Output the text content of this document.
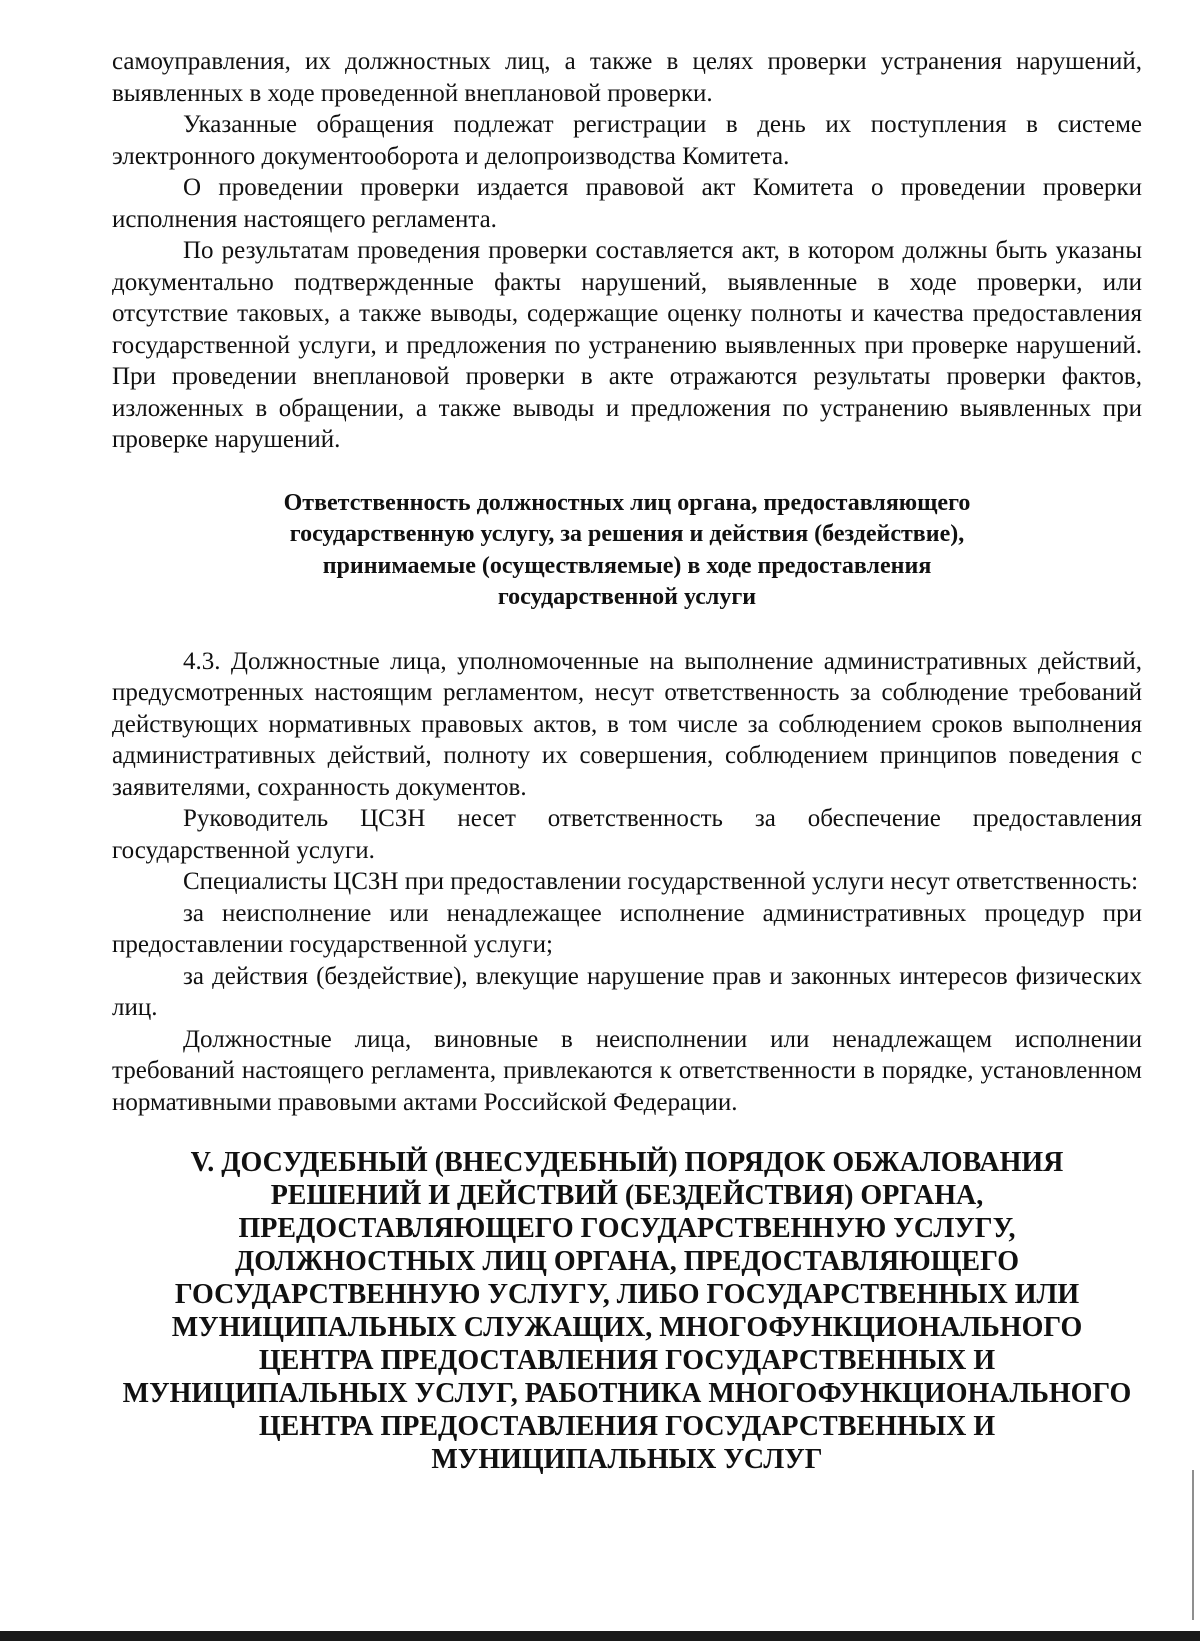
самоуправления, их должностных лиц, а также в целях проверки устранения нарушений, выявленных в ходе проведенной внеплановой проверки.

Указанные обращения подлежат регистрации в день их поступления в системе электронного документооборота и делопроизводства Комитета.

О проведении проверки издается правовой акт Комитета о проведении проверки исполнения настоящего регламента.

По результатам проведения проверки составляется акт, в котором должны быть указаны документально подтвержденные факты нарушений, выявленные в ходе проверки, или отсутствие таковых, а также выводы, содержащие оценку полноты и качества предоставления государственной услуги, и предложения по устранению выявленных при проверке нарушений. При проведении внеплановой проверки в акте отражаются результаты проверки фактов, изложенных в обращении, а также выводы и предложения по устранению выявленных при проверке нарушений.

Ответственность должностных лиц органа, предоставляющего
государственную услугу, за решения и действия (бездействие),
принимаемые (осуществляемые) в ходе предоставления
государственной услуги

4.3. Должностные лица, уполномоченные на выполнение административных действий, предусмотренных настоящим регламентом, несут ответственность за соблюдение требований действующих нормативных правовых актов, в том числе за соблюдением сроков выполнения административных действий, полноту их совершения, соблюдением принципов поведения с заявителями, сохранность документов.

Руководитель ЦСЗН несет ответственность за обеспечение предоставления государственной услуги.

Специалисты ЦСЗН при предоставлении государственной услуги несут ответственность:

за неисполнение или ненадлежащее исполнение административных процедур при предоставлении государственной услуги;

за действия (бездействие), влекущие нарушение прав и законных интересов физических лиц.

Должностные лица, виновные в неисполнении или ненадлежащем исполнении требований настоящего регламента, привлекаются к ответственности в порядке, установленном нормативными правовыми актами Российской Федерации.

V. ДОСУДЕБНЫЙ (ВНЕСУДЕБНЫЙ) ПОРЯДОК ОБЖАЛОВАНИЯ
РЕШЕНИЙ И ДЕЙСТВИЙ (БЕЗДЕЙСТВИЯ) ОРГАНА,
ПРЕДОСТАВЛЯЮЩЕГО ГОСУДАРСТВЕННУЮ УСЛУГУ,
ДОЛЖНОСТНЫХ ЛИЦ ОРГАНА, ПРЕДОСТАВЛЯЮЩЕГО
ГОСУДАРСТВЕННУЮ УСЛУГУ, ЛИБО ГОСУДАРСТВЕННЫХ ИЛИ
МУНИЦИПАЛЬНЫХ СЛУЖАЩИХ, МНОГОФУНКЦИОНАЛЬНОГО
ЦЕНТРА ПРЕДОСТАВЛЕНИЯ ГОСУДАРСТВЕННЫХ И
МУНИЦИПАЛЬНЫХ УСЛУГ, РАБОТНИКА МНОГОФУНКЦИОНАЛЬНОГО
ЦЕНТРА ПРЕДОСТАВЛЕНИЯ ГОСУДАРСТВЕННЫХ И
МУНИЦИПАЛЬНЫХ УСЛУГ
